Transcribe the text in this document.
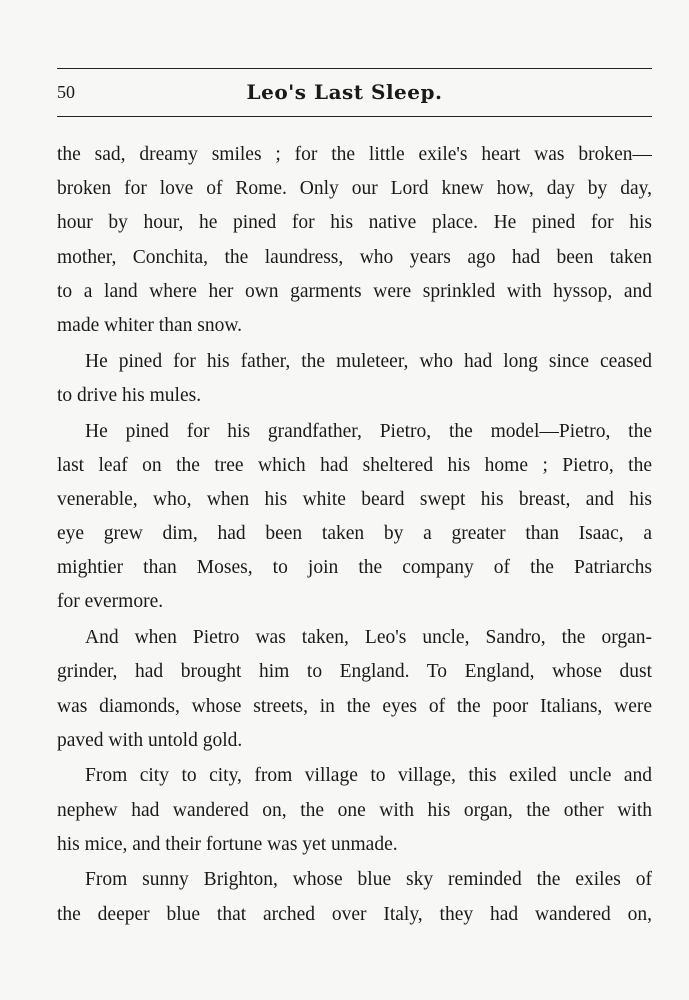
50	Leo's Last Sleep.
the sad, dreamy smiles ; for the little exile's heart was broken—
broken for love of Rome. Only our Lord knew how, day by day,
hour by hour, he pined for his native place. He pined for his
mother, Conchita, the laundress, who years ago had been taken
to a land where her own garments were sprinkled with hyssop, and
made whiter than snow.
He pined for his father, the muleteer, who had long since ceased
to drive his mules.
He pined for his grandfather, Pietro, the model—Pietro, the
last leaf on the tree which had sheltered his home ; Pietro, the
venerable, who, when his white beard swept his breast, and his
eye grew dim, had been taken by a greater than Isaac, a
mightier than Moses, to join the company of the Patriarchs
for evermore.
And when Pietro was taken, Leo's uncle, Sandro, the organ-
grinder, had brought him to England. To England, whose dust
was diamonds, whose streets, in the eyes of the poor Italians, were
paved with untold gold.
From city to city, from village to village, this exiled uncle and
nephew had wandered on, the one with his organ, the other with
his mice, and their fortune was yet unmade.
From sunny Brighton, whose blue sky reminded the exiles of
the deeper blue that arched over Italy, they had wandered on,
